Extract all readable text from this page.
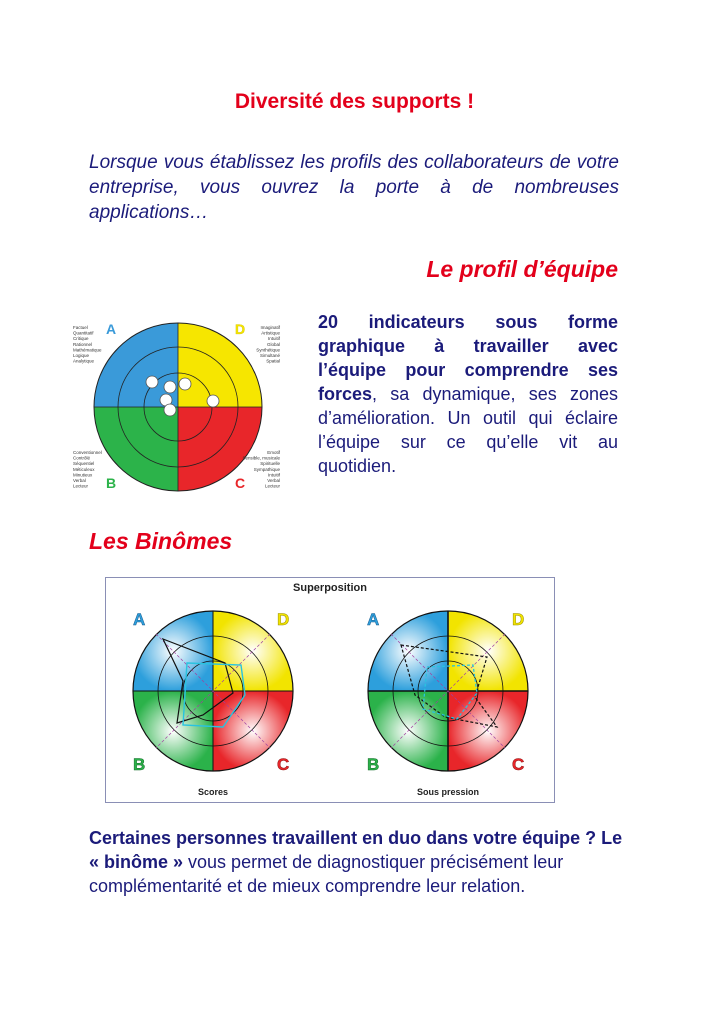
Diversité des supports !

Lorsque vous établissez les profils des collaborateurs de votre entreprise, vous ouvrez la porte à de nombreuses applications…

Le profil d’équipe
A	D
B	C
Factuel
Quantitatif
Critique
Rationnel
Mathématique
Logique
Analytique
Imaginatif
Artistique
Intuitif
Global
Synthétique
Simultané
Spatial
Conventionnel
Contrôlé
Séquentiel
Méticuleux
Minutieux
Verbal
Lecteur
Emotif
Sensible, musicale
Spirituelle
Sympathique
Intuitif
Verbal
Lecteur

20 indicateurs sous forme graphique à travailler avec l’équipe pour comprendre ses forces, sa dynamique, ses zones d’amélioration. Un outil qui éclaire l’équipe sur ce qu’elle vit au quotidien.

Les Binômes
Superposition
A	D
B	C
Scores
A	D
B	C
Sous pression

Certaines personnes travaillent en duo dans votre équipe ? Le « binôme » vous permet de diagnostiquer précisément leur complémentarité et de mieux comprendre leur relation.
